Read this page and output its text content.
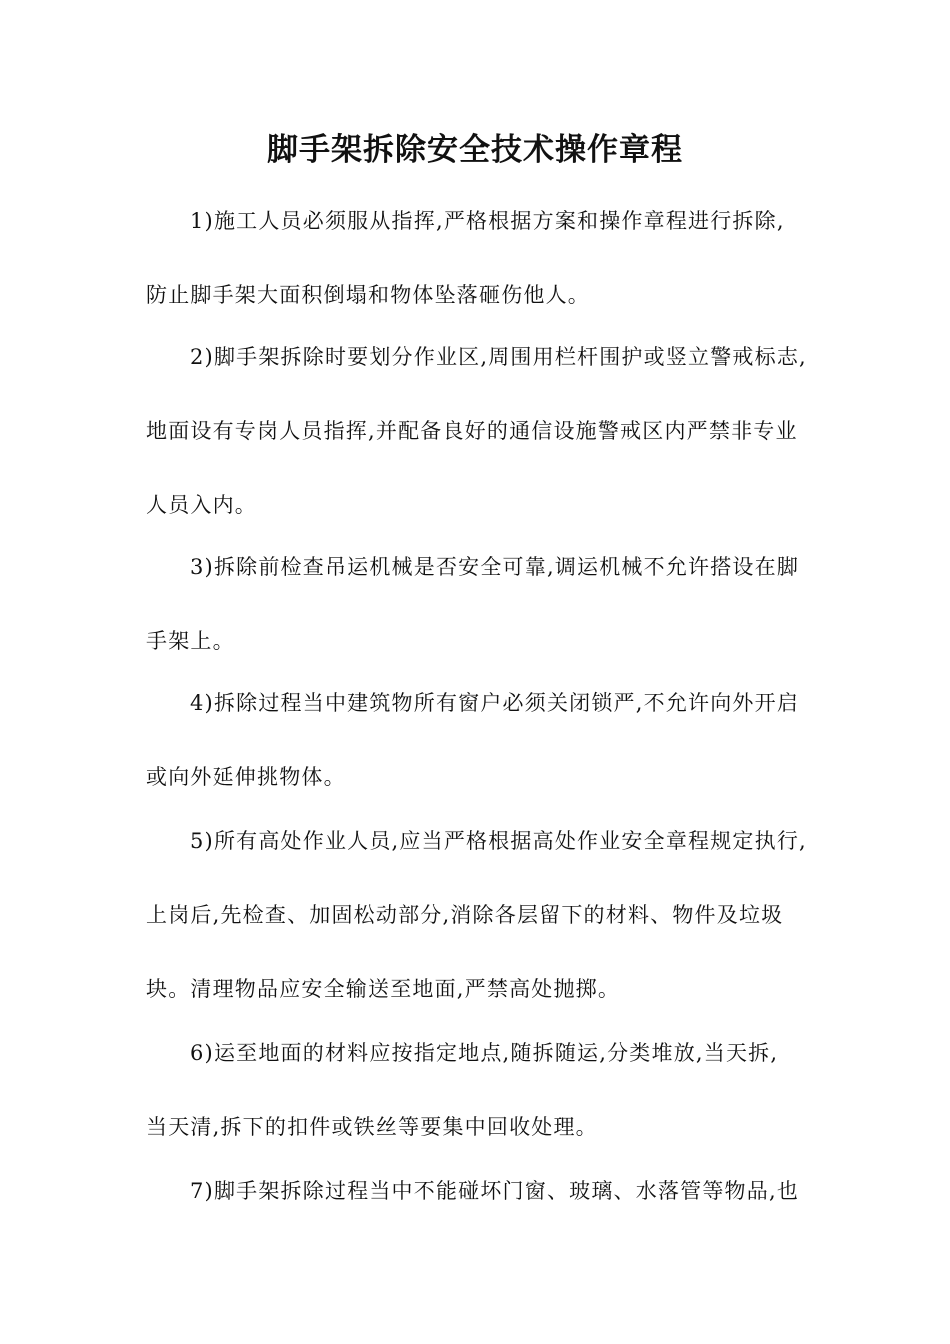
脚手架拆除安全技术操作章程
1)施工人员必须服从指挥,严格根据方案和操作章程进行拆除,
防止脚手架大面积倒塌和物体坠落砸伤他人。
2)脚手架拆除时要划分作业区,周围用栏杆围护或竖立警戒标志,
地面设有专岗人员指挥,并配备良好的通信设施警戒区内严禁非专业
人员入内。
3)拆除前检查吊运机械是否安全可靠,调运机械不允许搭设在脚
手架上。
4)拆除过程当中建筑物所有窗户必须关闭锁严,不允许向外开启
或向外延伸挑物体。
5)所有高处作业人员,应当严格根据高处作业安全章程规定执行,
上岗后,先检查、加固松动部分,消除各层留下的材料、物件及垃圾
块。清理物品应安全输送至地面,严禁高处抛掷。
6)运至地面的材料应按指定地点,随拆随运,分类堆放,当天拆,
当天清,拆下的扣件或铁丝等要集中回收处理。
7)脚手架拆除过程当中不能碰坏门窗、玻璃、水落管等物品,也
